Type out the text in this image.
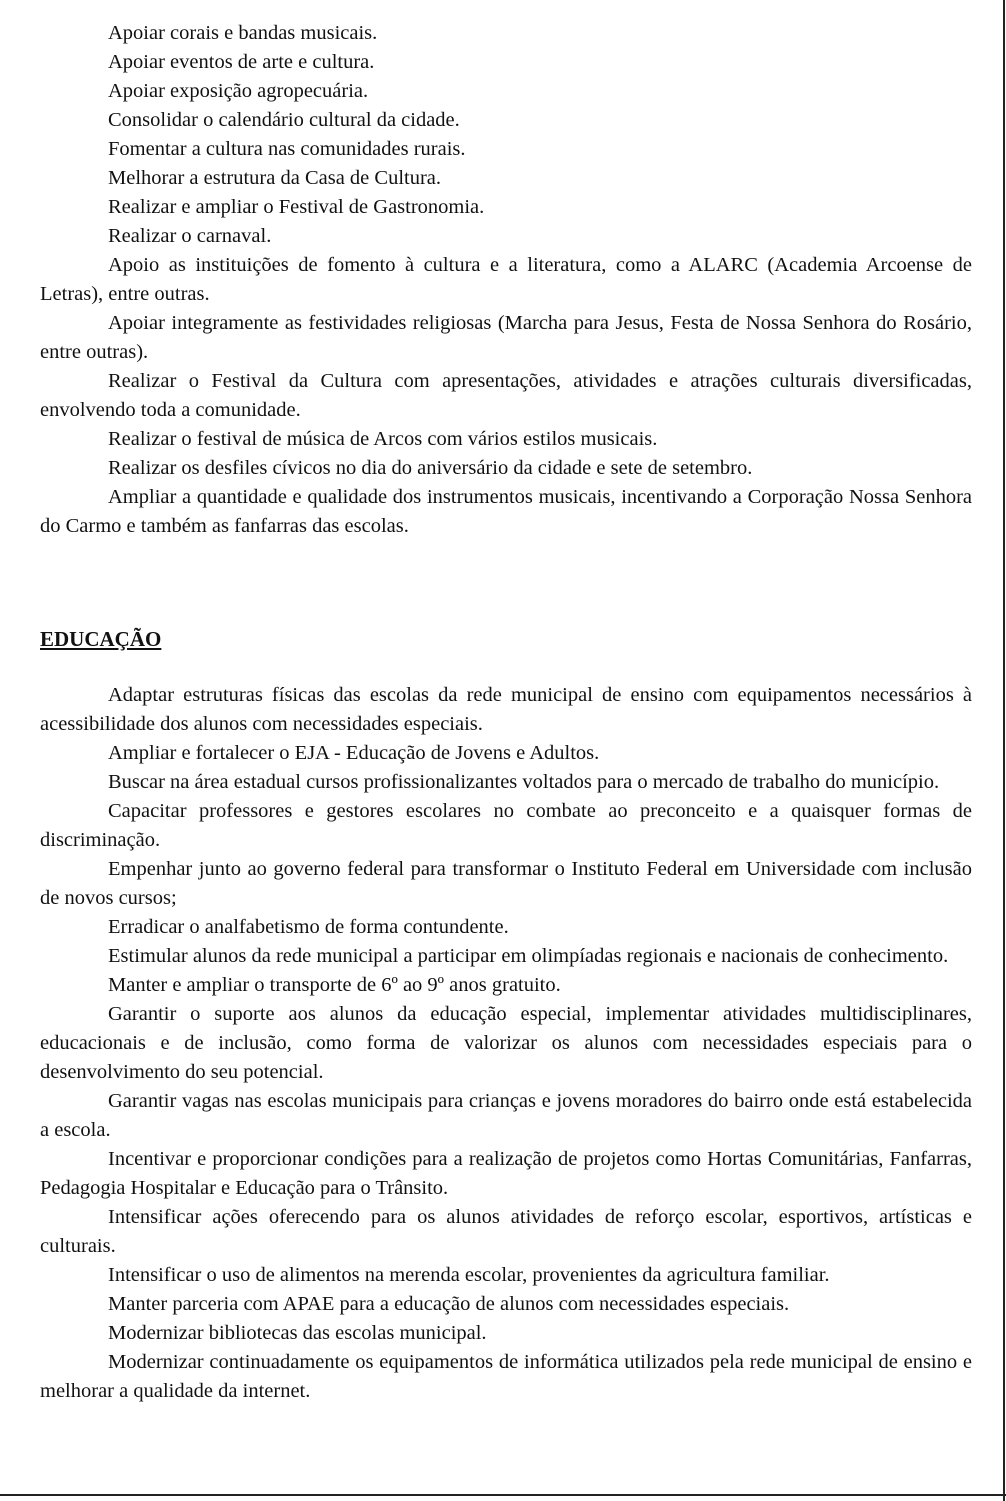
Apoiar corais e bandas musicais.
Apoiar eventos de arte e cultura.
Apoiar exposição agropecuária.
Consolidar o calendário cultural da cidade.
Fomentar a cultura nas comunidades rurais.
Melhorar a estrutura da Casa de Cultura.
Realizar e ampliar o Festival de Gastronomia.
Realizar o carnaval.
Apoio as instituições de fomento à cultura e a literatura, como a ALARC (Academia Arcoense de Letras), entre outras.
Apoiar integramente as festividades religiosas (Marcha para Jesus, Festa de Nossa Senhora do Rosário, entre outras).
Realizar o Festival da Cultura com apresentações, atividades e atrações culturais diversificadas, envolvendo toda a comunidade.
Realizar o festival de música de Arcos com vários estilos musicais.
Realizar os desfiles cívicos no dia do aniversário da cidade e sete de setembro.
Ampliar a quantidade e qualidade dos instrumentos musicais, incentivando a Corporação Nossa Senhora do Carmo e também as fanfarras das escolas.
EDUCAÇÃO
Adaptar estruturas físicas das escolas da rede municipal de ensino com equipamentos necessários à acessibilidade dos alunos com necessidades especiais.
Ampliar e fortalecer o EJA - Educação de Jovens e Adultos.
Buscar na área estadual cursos profissionalizantes voltados para o mercado de trabalho do município.
Capacitar professores e gestores escolares no combate ao preconceito e a quaisquer formas de discriminação.
Empenhar junto ao governo federal para transformar o Instituto Federal em Universidade com inclusão de novos cursos;
Erradicar o analfabetismo de forma contundente.
Estimular alunos da rede municipal a participar em olimpíadas regionais e nacionais de conhecimento.
Manter e ampliar o transporte de 6º ao 9º anos gratuito.
Garantir o suporte aos alunos da educação especial, implementar atividades multidisciplinares, educacionais e de inclusão, como forma de valorizar os alunos com necessidades especiais para o desenvolvimento do seu potencial.
Garantir vagas nas escolas municipais para crianças e jovens moradores do bairro onde está estabelecida a escola.
Incentivar e proporcionar condições para a realização de projetos como Hortas Comunitárias, Fanfarras, Pedagogia Hospitalar e Educação para o Trânsito.
Intensificar ações oferecendo para os alunos atividades de reforço escolar, esportivos, artísticas e culturais.
Intensificar o uso de alimentos na merenda escolar, provenientes da agricultura familiar.
Manter parceria com APAE para a educação de alunos com necessidades especiais.
Modernizar bibliotecas das escolas municipal.
Modernizar continuadamente os equipamentos de informática utilizados pela rede municipal de ensino e melhorar a qualidade da internet.
